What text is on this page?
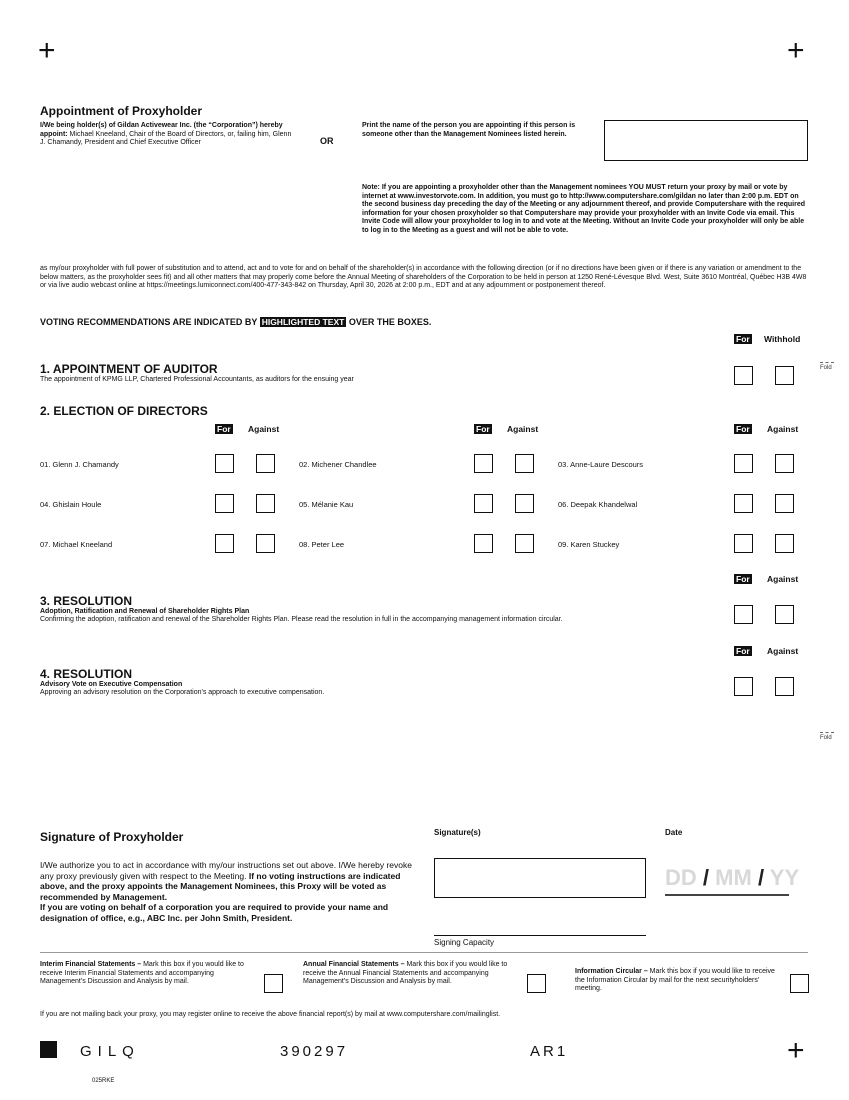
+	+
+
Appointment of Proxyholder
I/We being holder(s) of Gildan Activewear Inc. (the “Corporation”) hereby appoint: Michael Kneeland, Chair of the Board of Directors, or, failing him, Glenn J. Chamandy, President and Chief Executive Officer	OR
Print the name of the person you are appointing if this person is someone other than the Management Nominees listed herein.
Note: If you are appointing a proxyholder other than the Management nominees YOU MUST return your proxy by mail or vote by internet at www.investorvote.com. In addition, you must go to http://www.computershare.com/gildan no later than 2:00 p.m. EDT on the second business day preceding the day of the Meeting or any adjournment thereof, and provide Computershare with the required information for your chosen proxyholder so that Computershare may provide your proxyholder with an Invite Code via email. This Invite Code will allow your proxyholder to log in to and vote at the Meeting. Without an Invite Code your proxyholder will only be able to log in to the Meeting as a guest and will not be able to vote.
as my/our proxyholder with full power of substitution and to attend, act and to vote for and on behalf of the shareholder(s) in accordance with the following direction (or if no directions have been given or if there is any variation or amendment to the below matters, as the proxyholder sees fit) and all other matters that may properly come before the Annual Meeting of shareholders of the Corporation to be held in person at 1250 René-Lévesque Blvd. West, Suite 3610 Montréal, Québec H3B 4W8 or via live audio webcast online at https://meetings.lumiconnect.com/400-477-343-842 on Thursday, April 30, 2026 at 2:00 p.m., EDT and at any adjournment or postponement thereof.
VOTING RECOMMENDATIONS ARE INDICATED BY HIGHLIGHTED TEXT OVER THE BOXES.
For Withhold
1. APPOINTMENT OF AUDITOR
The appointment of KPMG LLP, Chartered Professional Accountants, as auditors for the ensuing year
Fold
2. ELECTION OF DIRECTORS
For Against	For Against	For Against
01. Glenn J. Chamandy	02. Michener Chandlee	03. Anne-Laure Descours
04. Ghislain Houle	05. Mélanie Kau	06. Deepak Khandelwal
07. Michael Kneeland	08. Peter Lee	09. Karen Stuckey
For Against
3. RESOLUTION
Adoption, Ratification and Renewal of Shareholder Rights Plan
Confirming the adoption, ratification and renewal of the Shareholder Rights Plan. Please read the resolution in full in the accompanying management information circular.
For Against
4. RESOLUTION
Advisory Vote on Executive Compensation
Approving an advisory resolution on the Corporation's approach to executive compensation.
Fold
Signature of Proxyholder	Signature(s)	Date
I/We authorize you to act in accordance with my/our instructions set out above. I/We hereby revoke any proxy previously given with respect to the Meeting. If no voting instructions are indicated above, and the proxy appoints the Management Nominees, this Proxy will be voted as recommended by Management.
If you are voting on behalf of a corporation you are required to provide your name and designation of office, e.g., ABC Inc. per John Smith, President.
DD / MM / YY
Signing Capacity
Interim Financial Statements – Mark this box if you would like to receive Interim Financial Statements and accompanying Management's Discussion and Analysis by mail.
Annual Financial Statements – Mark this box if you would like to receive the Annual Financial Statements and accompanying Management's Discussion and Analysis by mail.
Information Circular – Mark this box if you would like to receive the Information Circular by mail for the next securityholders' meeting.
If you are not mailing back your proxy, you may register online to receive the above financial report(s) by mail at www.computershare.com/mailinglist.
GILQ	390297	AR1
025RKE
